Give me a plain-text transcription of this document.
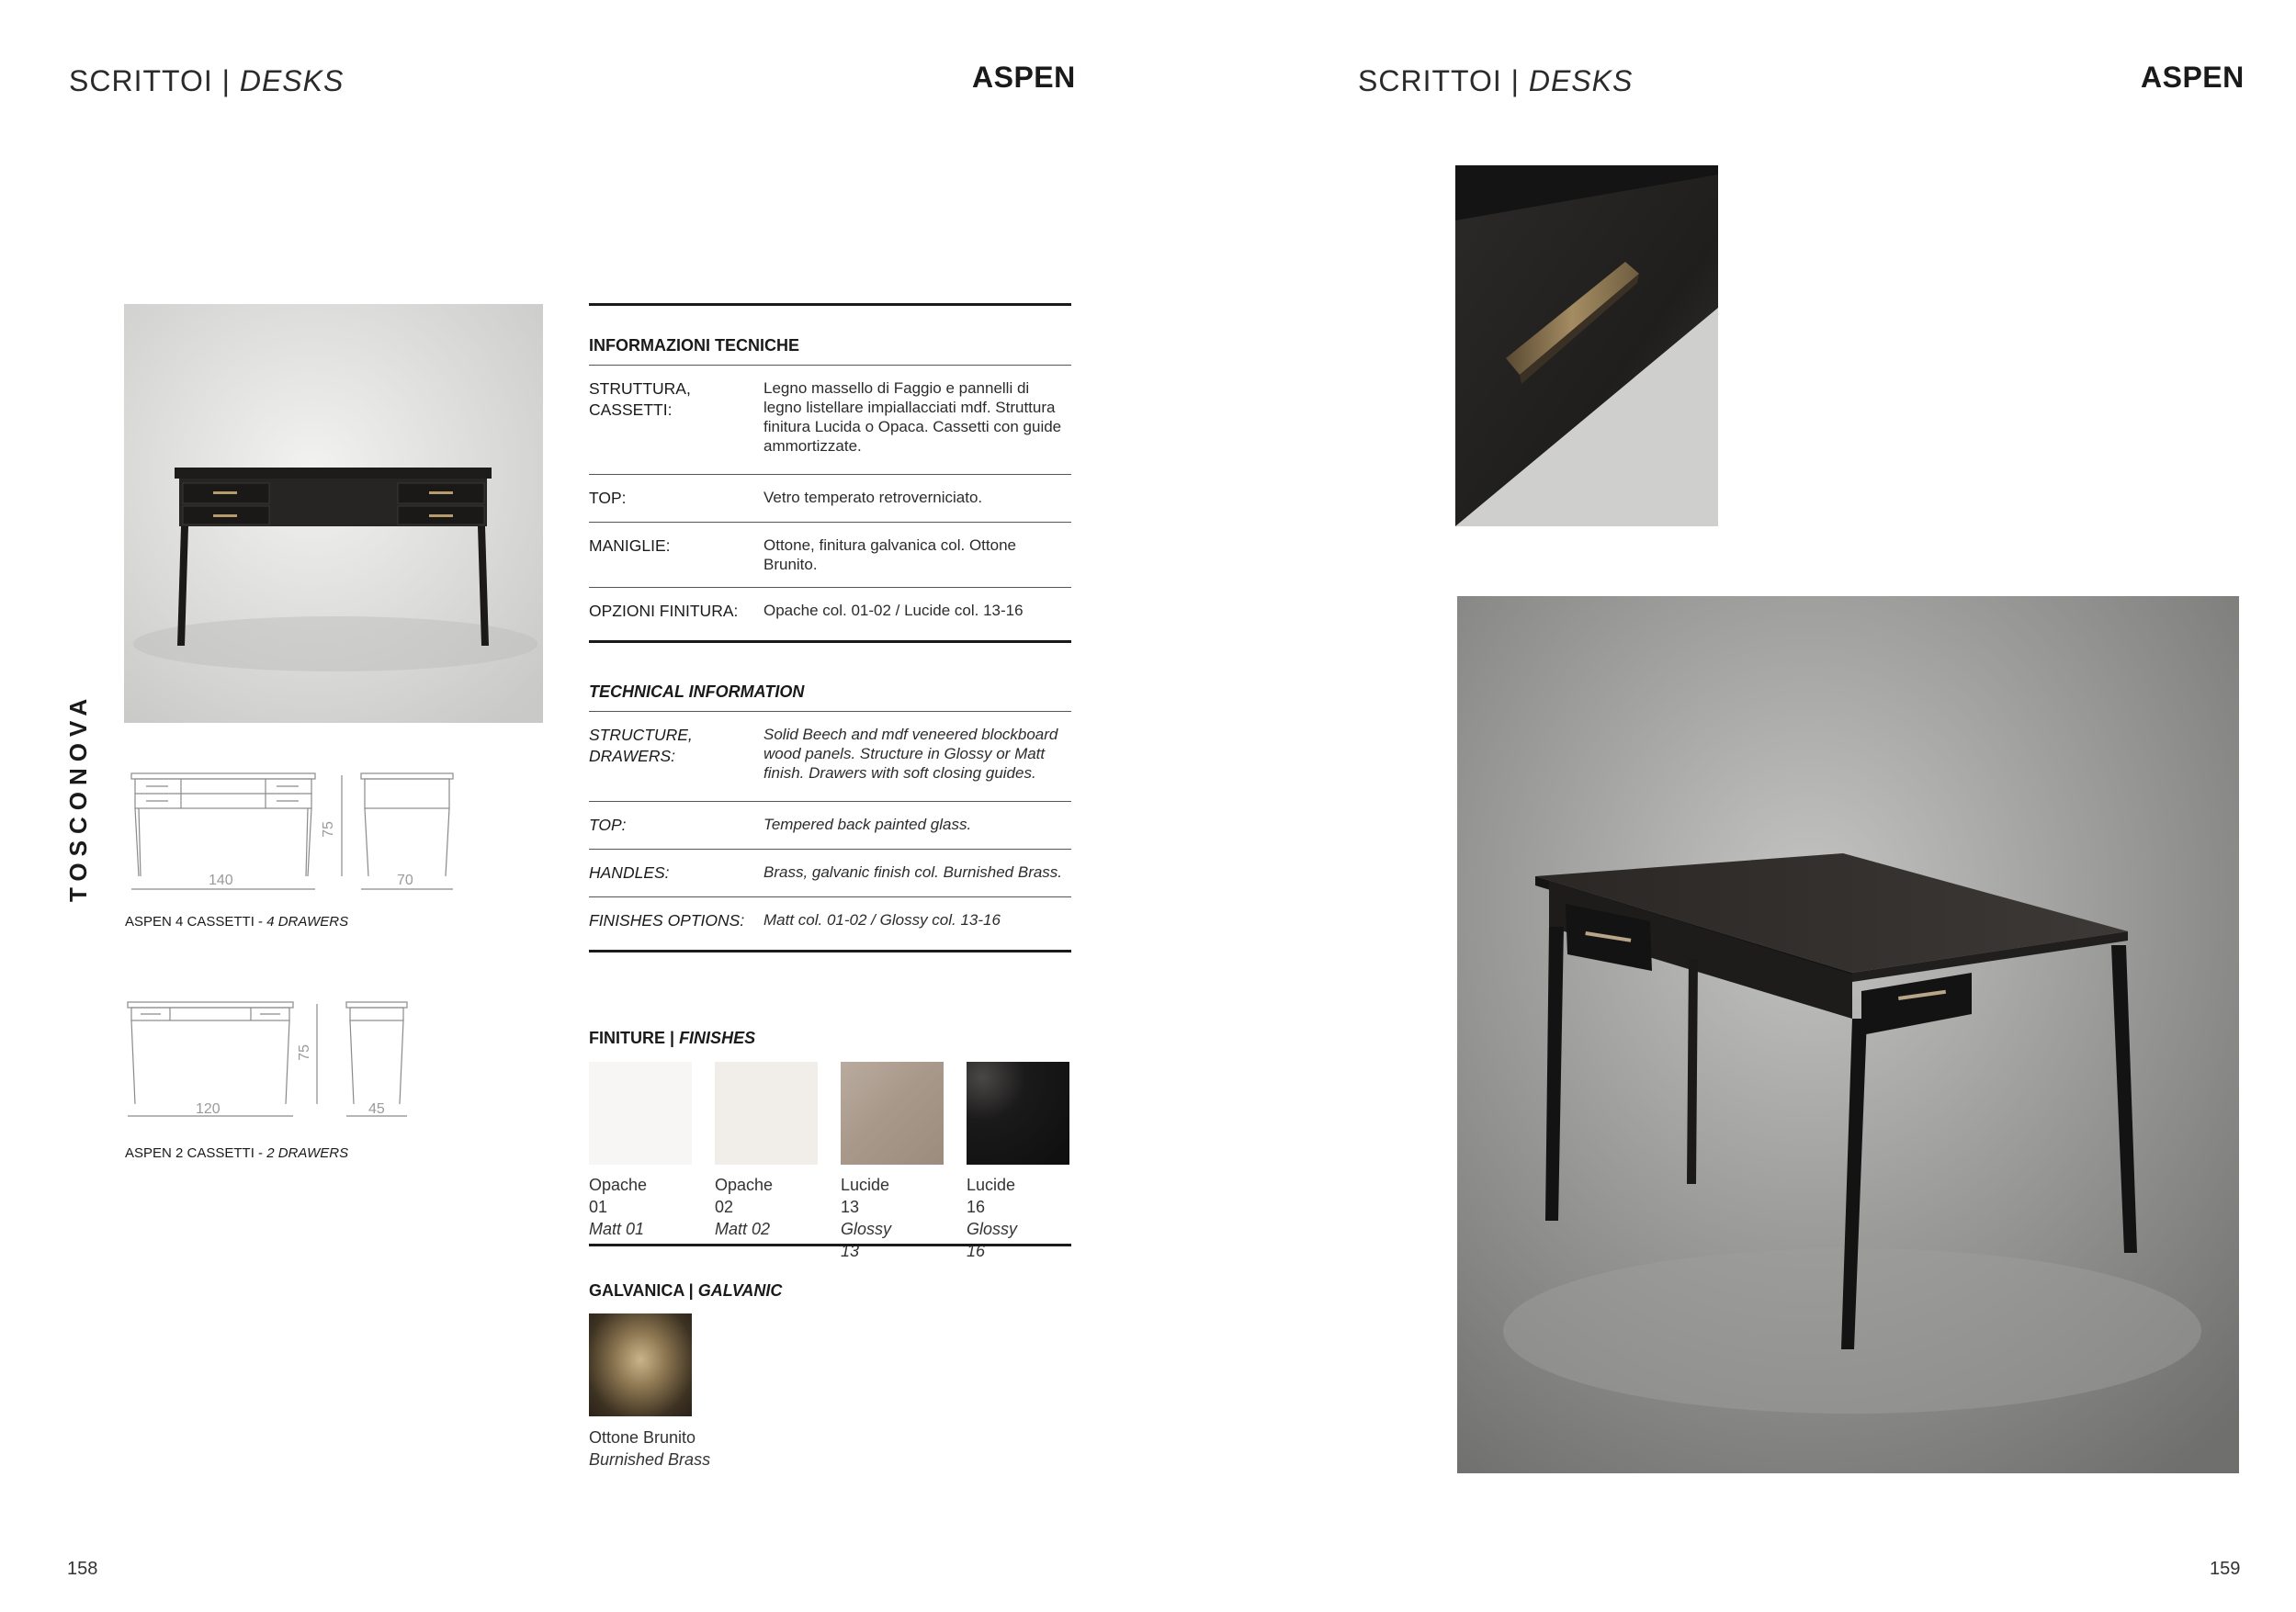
SCRITTOI | DESKS	ASPEN	SCRITTOI | DESKS	ASPEN
TOSCONOVA	140	70
75
ASPEN 4 CASSETTI - 4 DRAWERS
120	45
75
ASPEN 2 CASSETTI - 2 DRAWERS
INFORMAZIONI TECNICHE
STRUTTURA, CASSETTI:
Legno massello di Faggio e pannelli di legno listellare impiallacciati mdf. Struttura finitura Lucida o Opaca. Cassetti con guide ammortizzate.
TOP:	Vetro temperato retroverniciato.
MANIGLIE:	Ottone, finitura galvanica col. Ottone Brunito.
OPZIONI FINITURA:	Opache col. 01-02 / Lucide col. 13-16
TECHNICAL INFORMATION
STRUCTURE, DRAWERS:
Solid Beech and mdf veneered blockboard wood panels. Structure in Glossy or Matt finish. Drawers with soft closing guides.
TOP:	Tempered back painted glass.
HANDLES:	Brass, galvanic finish col. Burnished Brass.
FINISHES OPTIONS:	Matt col. 01-02 / Glossy col. 13-16
FINITURE | FINISHES
Opache 01
Matt 01
Opache 02
Matt 02
Lucide 13
Glossy 13
Lucide 16
Glossy 16
GALVANICA | GALVANIC
Ottone Brunito
Burnished Brass
158	159
